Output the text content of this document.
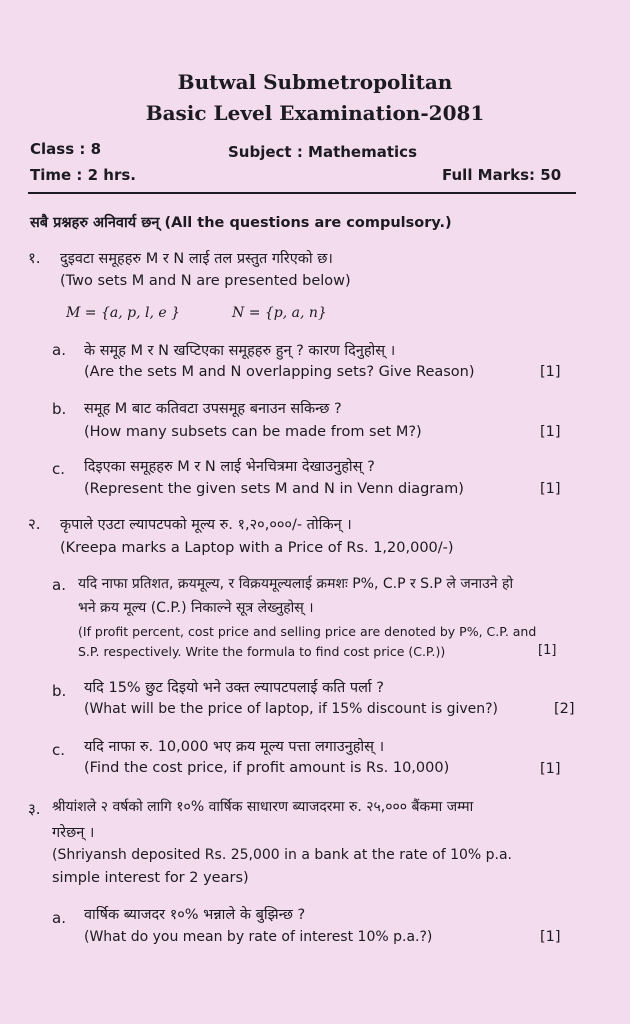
Butwal Submetropolitan
Basic Level Examination-2081
Class : 8	Subject : Mathematics
Time : 2 hrs.	Full Marks: 50
सबै प्रश्नहरु अनिवार्य छन् (All the questions are compulsory.)
१. दुइवटा समूहहरु M र N लाई तल प्रस्तुत गरिएको छ।
(Two sets M and N are presented below)
M = {a, p, l, e }	N = {p, a, n}
a. के समूह M र N खप्टिएका समूहहरु हुन् ? कारण दिनुहोस् ।
(Are the sets M and N overlapping sets? Give Reason)	[1]
b. समूह M बाट कतिवटा उपसमूह बनाउन सकिन्छ ?
(How many subsets can be made from set M?)	[1]
c. दिइएका समूहहरु M र N लाई भेनचित्रमा देखाउनुहोस् ?
(Represent the given sets M and N in Venn diagram)	[1]
२. कृपाले एउटा ल्यापटपको मूल्य रु. १,२०,०००/- तोकिन् ।
(Kreepa marks a Laptop with a Price of Rs. 1,20,000/-)
a. यदि नाफा प्रतिशत, क्रयमूल्य, र विक्रयमूल्यलाई क्रमशः P%, C.P र S.P ले जनाउने हो
भने क्रय मूल्य (C.P.) निकाल्ने सूत्र लेख्नुहोस् ।
(If profit percent, cost price and selling price are denoted by P%, C.P. and
S.P. respectively. Write the formula to find cost price (C.P.))	[1]
b. यदि 15% छुट दिइयो भने उक्त ल्यापटपलाई कति पर्ला ?
(What will be the price of laptop, if 15% discount is given?)	[2]
c. यदि नाफा रु. 10,000 भए क्रय मूल्य पत्ता लगाउनुहोस् ।
(Find the cost price, if profit amount is Rs. 10,000)	[1]
३. श्रीयांशले २ वर्षको लागि १०% वार्षिक साधारण ब्याजदरमा रु. २५,००० बैंकमा जम्मा
गरेछन् ।
(Shriyansh deposited Rs. 25,000 in a bank at the rate of 10% p.a.
simple interest for 2 years)
a. वार्षिक ब्याजदर १०% भन्नाले के बुझिन्छ ?
(What do you mean by rate of interest 10% p.a.?)	[1]
